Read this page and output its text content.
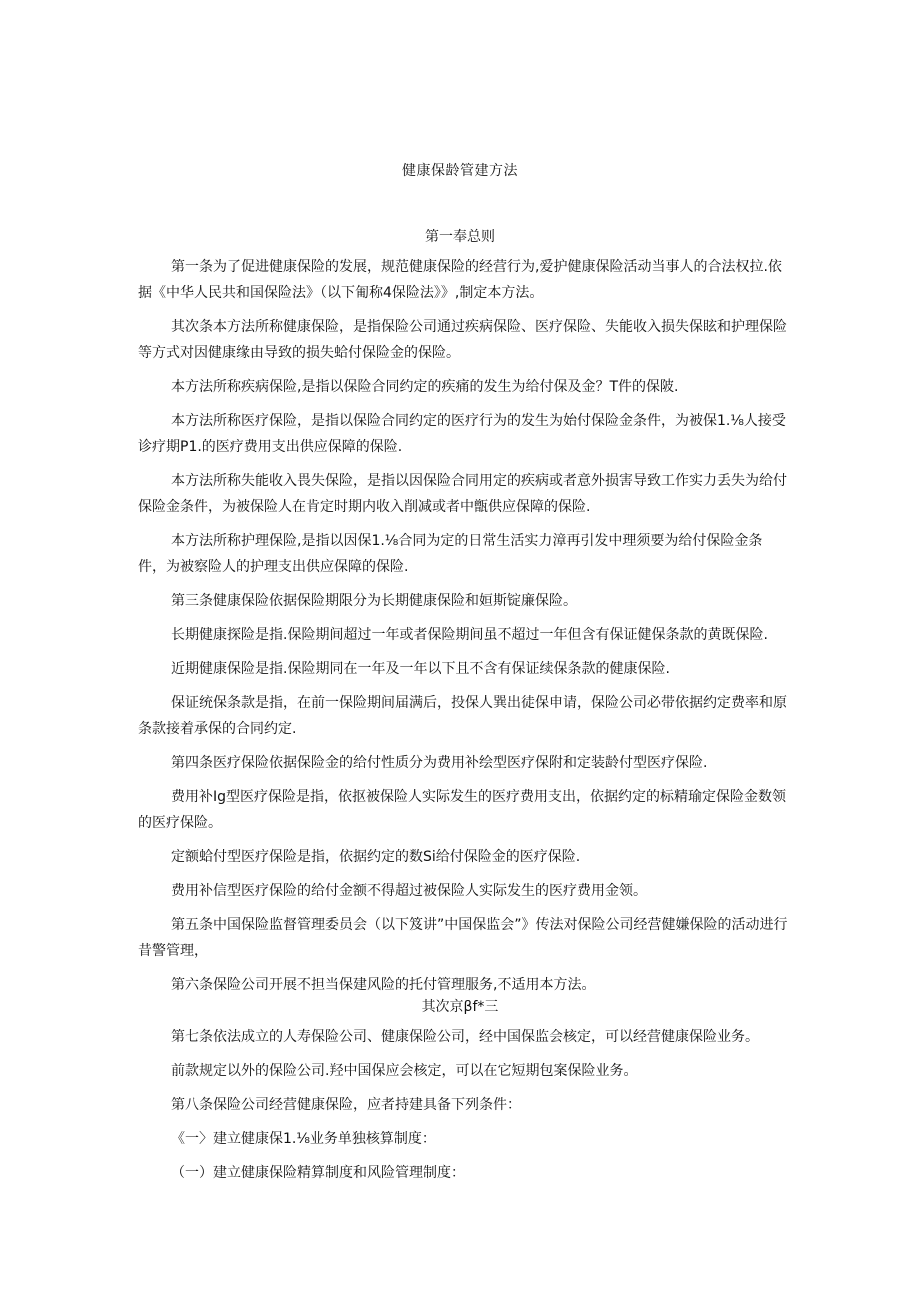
健康保龄管建方法
第一奉总则

第一条为了促进健康保险的发展，规范健康保险的经营行为,爱护健康保险活动当事人的合法权拉.依据《中华人民共和国保险法》（以下匍称4保险法》》,制定本方法。

其次条本方法所称健康保险，是指保险公司通过疾病保险、医疗保险、失能收入损失保眩和护理保险等方式对因健康缘由导致的损失蛤付保险金的保险。

本方法所称疾病保险,是指以保险合同约定的疾痛的发生为给付保及金？T件的保陂.

本方法所称医疗保险，是指以保险合同约定的医疗行为的发生为始付保险金条件，为被保1.⅛人接受诊疗期P1.的医疗费用支出供应保障的保险.

本方法所称失能收入畏失保险，是指以因保险合同用定的疾病或者意外损害导致工作实力丢失为给付保险金条件，为被保险人在肯定时期内收入削减或者中甑供应保障的保险.

本方法所称护理保险,是指以因保1.⅛合同为定的日常生活实力漳再引发中理须要为给付保险金条件，为被察险人的护理支出供应保障的保险.

第三条健康保险依据保险期限分为长期健康保险和姮斯锭廉保险。

长期健康探险是指.保险期间超过一年或者保险期间虽不超过一年但含有保证健保条款的黄既保险.

近期健康保险是指.保险期同在一年及一年以下且不含有保证续保条款的健康保险.

保证统保条款是指，在前一保险期间届满后，投保人巽出徒保申请，保险公司必带依据约定费率和原条款接着承保的合同约定.

第四条医疗保险依据保险金的给付性质分为费用补绘型医疗保附和定装龄付型医疗保险.

费用补Ig型医疗保险是指，依抠被保险人实际发生的医疗费用支出，依据约定的标精瑜定保险金数领的医疗保险。

定额蛤付型医疗保险是指，依据约定的数Si给付保险金的医疗保险.

费用补信型医疗保险的给付金额不得超过被保险人实际发生的医疗费用金领。

第五条中国保险监督管理委员会（以下笈讲”中国保监会”》传法对保险公司经营健嫌保险的活动进行昔警管理，

第六条保险公司开展不担当保建风险的托付管理服务,不适用本方法。

其次京βf*三

第七条依法成立的人寿保险公司、健康保险公司，经中国保监会核定，可以经营健康保险业务。

前款规定以外的保险公司.羟中国保应会核定，可以在它短期包案保险业务。

第八条保险公司经营健康保险，应者持建具备下列条件：

《一〉建立健康保1.⅛业务单独核算制度：

（一）建立健康保险精算制度和风险管理制度：
